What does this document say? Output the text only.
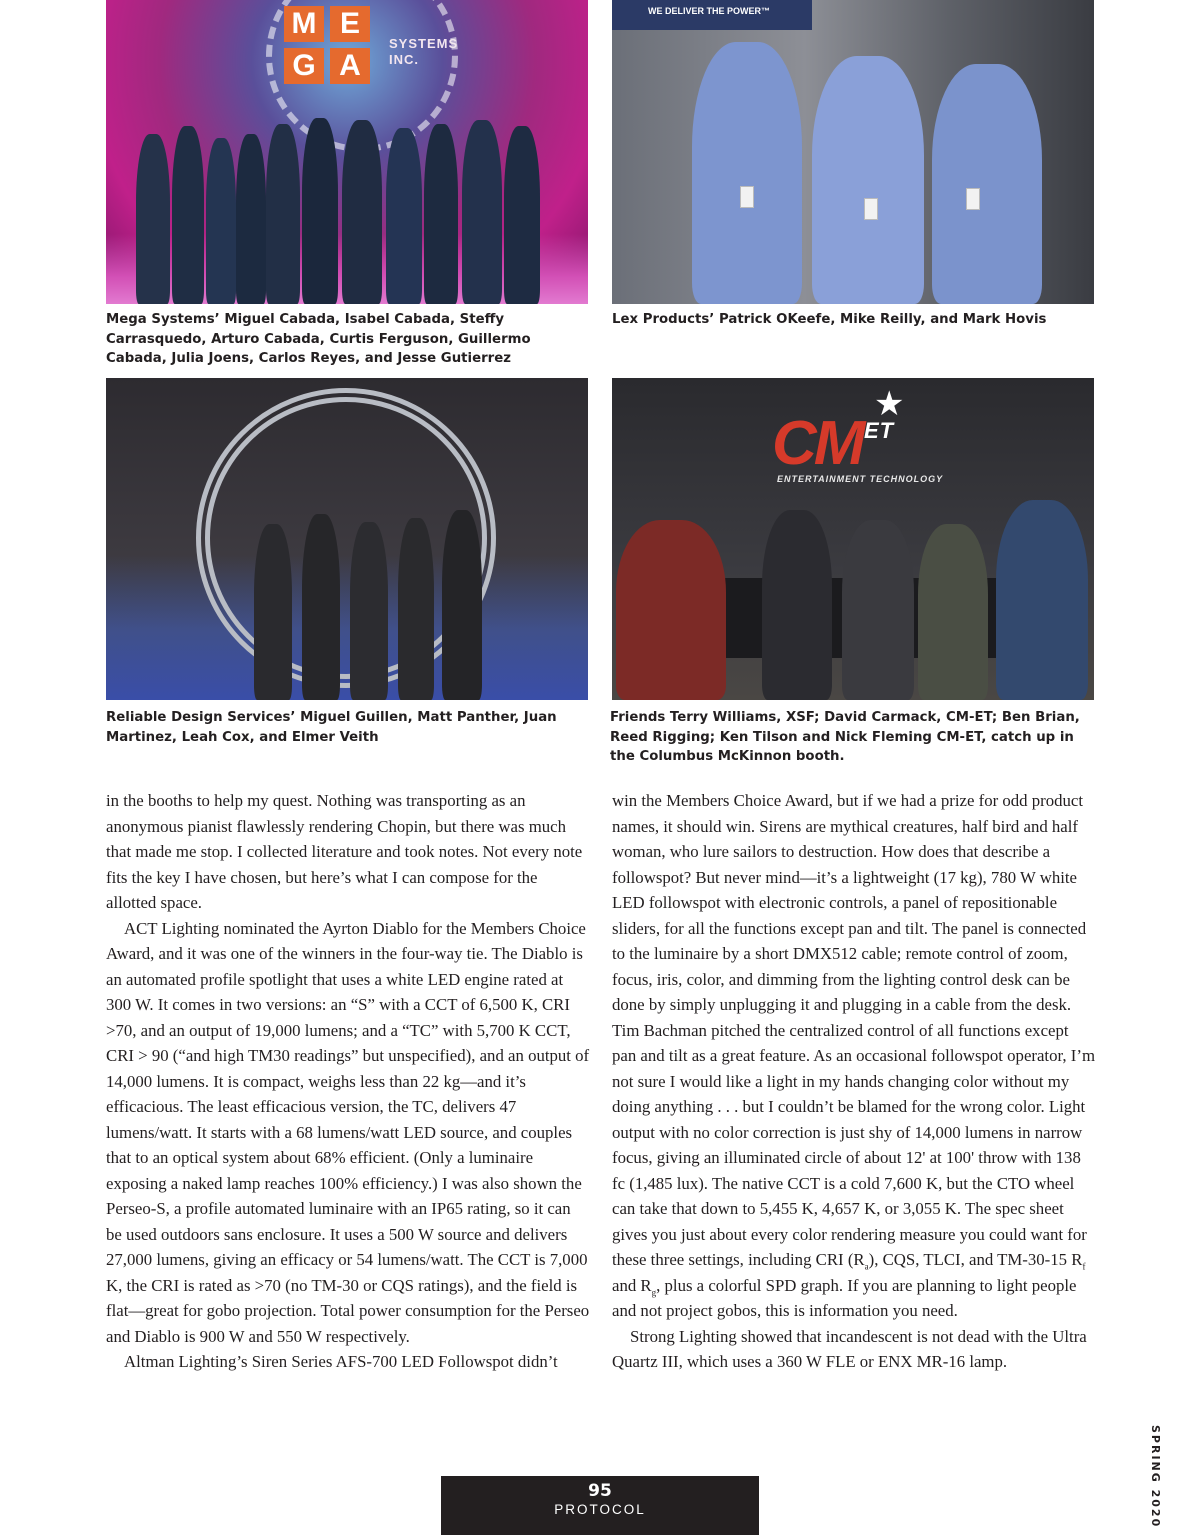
M E
G A
SYSTEMS
INC.
WE DELIVER THE POWER™

Mega Systems’ Miguel Cabada, Isabel Cabada, Steffy Carrasquedo, Arturo Cabada, Curtis Ferguson, Guillermo Cabada, Julia Joens, Carlos Reyes, and Jesse Gutierrez

Lex Products’ Patrick OKeefe, Mike Reilly, and Mark Hovis

CM ET
★
ENTERTAINMENT TECHNOLOGY

Reliable Design Services’ Miguel Guillen, Matt Panther, Juan Martinez, Leah Cox, and Elmer Veith

Friends Terry Williams, XSF; David Carmack, CM-ET; Ben Brian, Reed Rigging; Ken Tilson and Nick Fleming CM-ET, catch up in the Columbus McKinnon booth.

in the booths to help my quest. Nothing was transporting as an anonymous pianist flawlessly rendering Chopin, but there was much that made me stop. I collected literature and took notes. Not every note fits the key I have chosen, but here’s what I can compose for the allotted space.

ACT Lighting nominated the Ayrton Diablo for the Members Choice Award, and it was one of the winners in the four-way tie. The Diablo is an automated profile spotlight that uses a white LED engine rated at 300 W. It comes in two versions: an “S” with a CCT of 6,500 K, CRI >70, and an output of 19,000 lumens; and a “TC” with 5,700 K CCT, CRI > 90 (“and high TM30 readings” but unspecified), and an output of 14,000 lumens. It is compact, weighs less than 22 kg—and it’s efficacious. The least efficacious version, the TC, delivers 47 lumens/watt. It starts with a 68 lumens/watt LED source, and couples that to an optical system about 68% efficient. (Only a luminaire exposing a naked lamp reaches 100% efficiency.) I was also shown the Perseo-S, a profile automated luminaire with an IP65 rating, so it can be used outdoors sans enclosure. It uses a 500 W source and delivers 27,000 lumens, giving an efficacy or 54 lumens/watt. The CCT is 7,000 K, the CRI is rated as >70 (no TM-30 or CQS ratings), and the field is flat—great for gobo projection. Total power consumption for the Perseo and Diablo is 900 W and 550 W respectively.

Altman Lighting’s Siren Series AFS-700 LED Followspot didn’t

win the Members Choice Award, but if we had a prize for odd product names, it should win. Sirens are mythical creatures, half bird and half woman, who lure sailors to destruction. How does that describe a followspot? But never mind—it’s a lightweight (17 kg), 780 W white LED followspot with electronic controls, a panel of repositionable sliders, for all the functions except pan and tilt. The panel is connected to the luminaire by a short DMX512 cable; remote control of zoom, focus, iris, color, and dimming from the lighting control desk can be done by simply unplugging it and plugging in a cable from the desk. Tim Bachman pitched the centralized control of all functions except pan and tilt as a great feature. As an occasional followspot operator, I’m not sure I would like a light in my hands changing color without my doing anything . . . but I couldn’t be blamed for the wrong color. Light output with no color correction is just shy of 14,000 lumens in narrow focus, giving an illuminated circle of about 12' at 100' throw with 138 fc (1,485 lux). The native CCT is a cold 7,600 K, but the CTO wheel can take that down to 5,455 K, 4,657 K, or 3,055 K. The spec sheet gives you just about every color rendering measure you could want for these three settings, including CRI $(R_a)$, CQS, TLCI, and TM-30-15 $R_f$ and $R_g$, plus a colorful SPD graph. If you are planning to light people and not project gobos, this is information you need.

Strong Lighting showed that incandescent is not dead with the Ultra Quartz III, which uses a 360 W FLE or ENX MR-16 lamp.

SPRING 2020
95
PROTOCOL
